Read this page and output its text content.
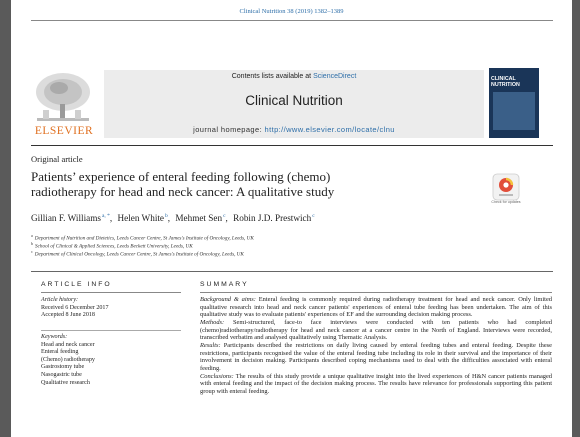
Clinical Nutrition 38 (2019) 1382–1389
ELSEVIER
Contents lists available at ScienceDirect
Clinical Nutrition
journal homepage: http://www.elsevier.com/locate/clnu
CLINICAL NUTRITION
Original article
Patients’ experience of enteral feeding following (chemo)
radiotherapy for head and neck cancer: A qualitative study
Check for updates
Gillian F. Williams$^{a, *}$, Helen White$^b$, Mehmet Sen$^c$, Robin J.D. Prestwich$^c$
$^a$Department of Nutrition and Dietetics, Leeds Cancer Centre, St James's Institute of Oncology, Leeds, UK
$^b$School of Clinical & Applied Sciences, Leeds Beckett University, Leeds, UK
$^c$Department of Clinical Oncology, Leeds Cancer Centre, St James's Institute of Oncology, Leeds, UK
ARTICLE INFO	SUMMARY
Article history:
Received 6 December 2017
Accepted 8 June 2018
Keywords:
Head and neck cancer
Enteral feeding
(Chemo) radiotherapy
Gastrostomy tube
Nasogastric tube
Qualitative research

Background & aims: Enteral feeding is commonly required during radiotherapy treatment for head and neck cancer. Only limited qualitative research into head and neck cancer patients' experiences of enteral tube feeding has been undertaken. The aim of this qualitative study was to evaluate patients' experiences of EF and the surrounding decision making process.

Methods: Semi-structured, face-to face interviews were conducted with ten patients who had completed (chemo)radiotherapy/radiotherapy for head and neck cancer at a cancer centre in the North of England. Interviews were recorded, transcribed verbatim and analysed qualitatively using Thematic Analysis.

Results: Participants described the restrictions on daily living caused by enteral feeding tubes and enteral feeding. Despite these restrictions, participants recognised the value of the enteral feeding tube including its role in their survival and the importance of their involvement in decision making. Participants described coping mechanisms used to deal with the difficulties associated with enteral feeding.

Conclusions: The results of this study provide a unique qualitative insight into the lived experiences of H&N cancer patients managed with enteral feeding and the impact of the decision making process. The results have relevance for professionals supporting this patient group with enteral feeding.
